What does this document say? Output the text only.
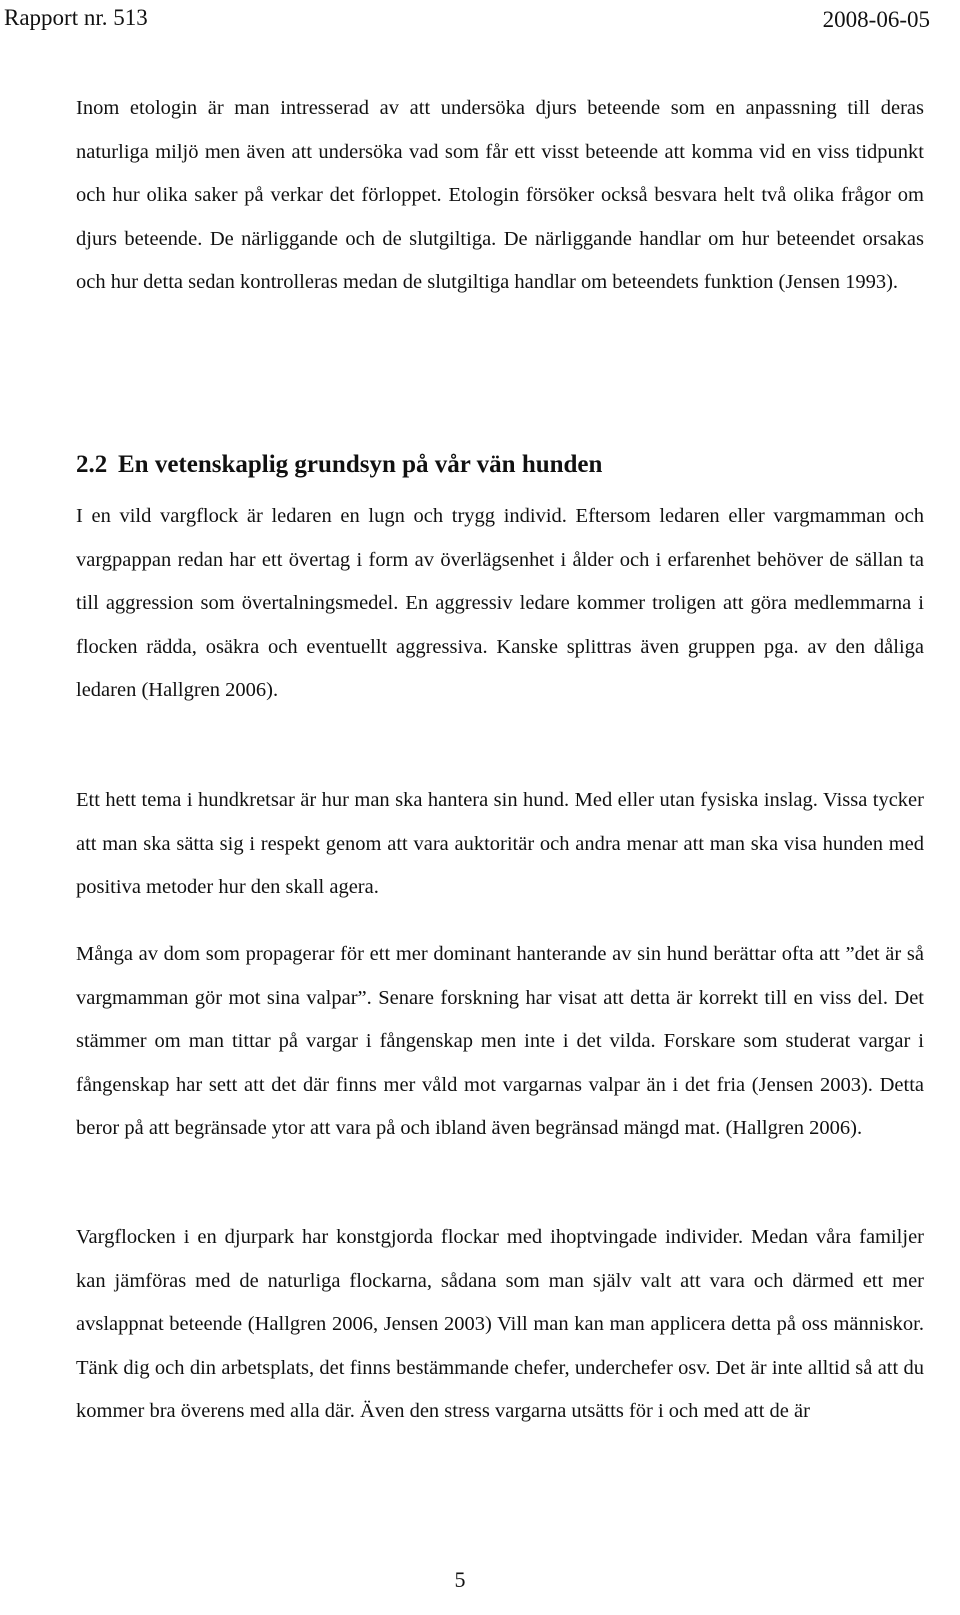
Rapport nr. 513	2008-06-05

Inom etologin är man intresserad av att undersöka djurs beteende som en anpassning till deras naturliga miljö men även att undersöka vad som får ett visst beteende att komma vid en viss tidpunkt och hur olika saker på verkar det förloppet. Etologin försöker också besvara helt två olika frågor om djurs beteende. De närliggande och de slutgiltiga. De närliggande handlar om hur beteendet orsakas och hur detta sedan kontrolleras medan de slutgiltiga handlar om beteendets funktion (Jensen 1993).

2.2 En vetenskaplig grundsyn på vår vän hunden

I en vild vargflock är ledaren en lugn och trygg individ. Eftersom ledaren eller vargmamman och vargpappan redan har ett övertag i form av överlägsenhet i ålder och i erfarenhet behöver de sällan ta till aggression som övertalningsmedel. En aggressiv ledare kommer troligen att göra medlemmarna i flocken rädda, osäkra och eventuellt aggressiva. Kanske splittras även gruppen pga. av den dåliga ledaren (Hallgren 2006).

Ett hett tema i hundkretsar är hur man ska hantera sin hund. Med eller utan fysiska inslag. Vissa tycker att man ska sätta sig i respekt genom att vara auktoritär och andra menar att man ska visa hunden med positiva metoder hur den skall agera.

Många av dom som propagerar för ett mer dominant hanterande av sin hund berättar ofta att ”det är så vargmamman gör mot sina valpar”. Senare forskning har visat att detta är korrekt till en viss del. Det stämmer om man tittar på vargar i fångenskap men inte i det vilda. Forskare som studerat vargar i fångenskap har sett att det där finns mer våld mot vargarnas valpar än i det fria (Jensen 2003). Detta beror på att begränsade ytor att vara på och ibland även begränsad mängd mat. (Hallgren 2006).

Vargflocken i en djurpark har konstgjorda flockar med ihoptvingade individer. Medan våra familjer kan jämföras med de naturliga flockarna, sådana som man själv valt att vara och därmed ett mer avslappnat beteende (Hallgren 2006, Jensen 2003) Vill man kan man applicera detta på oss människor. Tänk dig och din arbetsplats, det finns bestämmande chefer, underchefer osv. Det är inte alltid så att du kommer bra överens med alla där. Även den stress vargarna utsätts för i och med att de är

5
